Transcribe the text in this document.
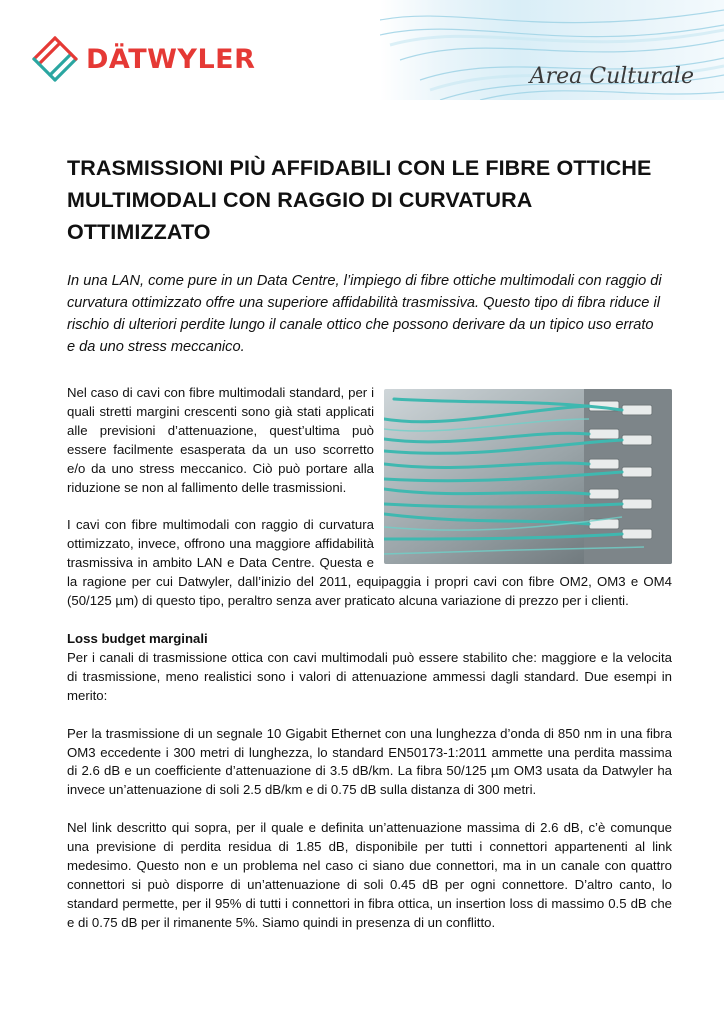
DÄTWYLER
Area Culturale
TRASMISSIONI PIÙ AFFIDABILI CON LE FIBRE OTTICHE MULTIMODALI CON RAGGIO DI CURVATURA OTTIMIZZATO

In una LAN, come pure in un Data Centre, l’impiego di fibre ottiche multimodali con raggio di curvatura ottimizzato offre una superiore affidabilità trasmissiva. Questo tipo di fibra riduce il rischio di ulteriori perdite lungo il canale ottico che possono derivare da un tipico uso errato e da uno stress meccanico.

Nel caso di cavi con fibre multimodali standard, per i quali stretti margini crescenti sono già stati applicati alle previsioni d’attenuazione, quest’ultima può essere facilmente esasperata da un uso scorretto e/o da uno stress meccanico. Ciò può portare alla riduzione se non al fallimento delle trasmissioni.

I cavi con fibre multimodali con raggio di curvatura ottimizzato, invece, offrono una maggiore affidabilità trasmissiva in ambito LAN e Data Centre. Questa e la ragione per cui Datwyler, dall’inizio del 2011, equipaggia i propri cavi con fibre OM2, OM3 e OM4 (50/125 µm) di questo tipo, peraltro senza aver praticato alcuna variazione di prezzo per i clienti.

Loss budget marginali

Per i canali di trasmissione ottica con cavi multimodali può essere stabilito che: maggiore e la velocita di trasmissione, meno realistici sono i valori di attenuazione ammessi dagli standard. Due esempi in merito:

Per la trasmissione di un segnale 10 Gigabit Ethernet con una lunghezza d’onda di 850 nm in una fibra OM3 eccedente i 300 metri di lunghezza, lo standard EN50173-1:2011 ammette una perdita massima di 2.6 dB e un coefficiente d’attenuazione di 3.5 dB/km. La fibra 50/125 µm OM3 usata da Datwyler ha invece un’attenuazione di soli 2.5 dB/km e di 0.75 dB sulla distanza di 300 metri.

Nel link descritto qui sopra, per il quale e definita un’attenuazione massima di 2.6 dB, c’è comunque una previsione di perdita residua di 1.85 dB, disponibile per tutti i connettori appartenenti al link medesimo. Questo non e un problema nel caso ci siano due connettori, ma in un canale con quattro connettori si può disporre di un’attenuazione di soli 0.45 dB per ogni connettore. D’altro canto, lo standard permette, per il 95% di tutti i connettori in fibra ottica, un insertion loss di massimo 0.5 dB che e di 0.75 dB per il rimanente 5%. Siamo quindi in presenza di un conflitto.
